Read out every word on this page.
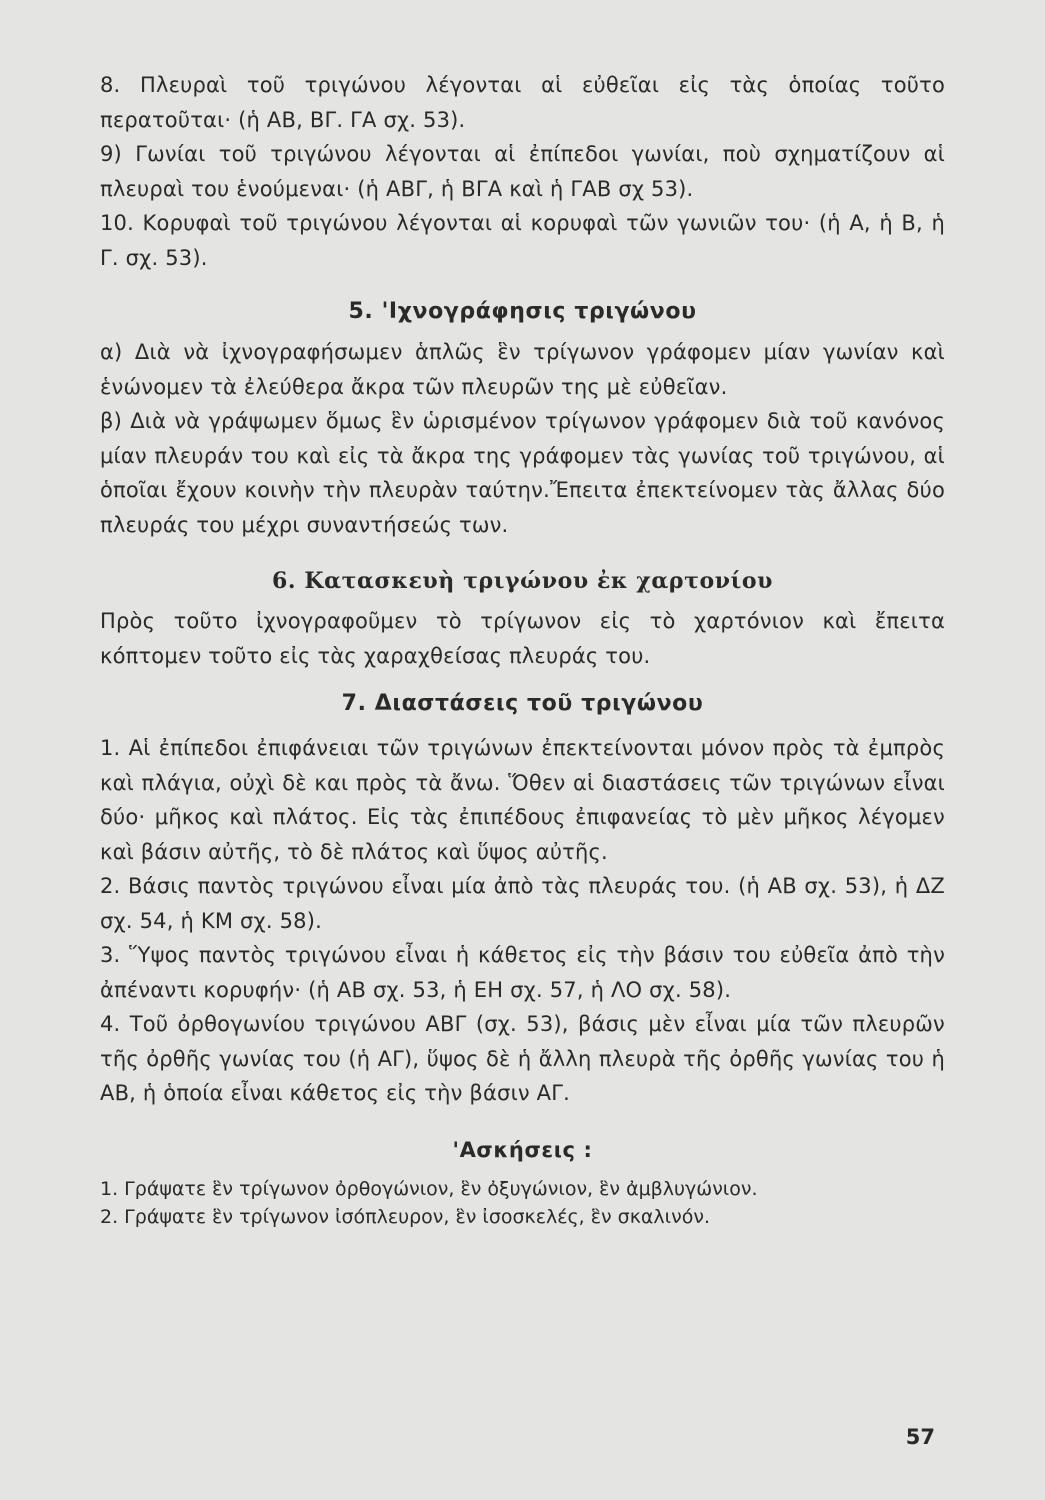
8. Πλευραὶ τοῦ τριγώνου λέγονται αἱ εὐθεῖαι εἰς τὰς ὁποίας τοῦτο περατοῦται· (ἡ ΑΒ, ΒΓ. ΓΑ σχ. 53).

9) Γωνίαι τοῦ τριγώνου λέγονται αἱ ἐπίπεδοι γωνίαι, ποὺ σχηματίζουν αἱ πλευραὶ του ἑνούμεναι· (ἡ ΑΒΓ, ἡ ΒΓΑ καὶ ἡ ΓΑΒ σχ 53).

10. Κορυφαὶ τοῦ τριγώνου λέγονται αἱ κορυφαὶ τῶν γωνιῶν του· (ἡ Α, ἡ Β, ἡ Γ. σχ. 53).

5. 'Ιχνογράφησις τριγώνου

α) Διὰ νὰ ἰχνογραφήσωμεν ἁπλῶς ἓν τρίγωνον γράφομεν μίαν γωνίαν καὶ ἑνώνομεν τὰ ἐλεύθερα ἄκρα τῶν πλευρῶν της μὲ εὐθεῖαν.

β) Διὰ νὰ γράψωμεν ὅμως ἓν ὡρισμένον τρίγωνον γράφομεν διὰ τοῦ κανόνος μίαν πλευράν του καὶ εἰς τὰ ἄκρα της γράφομεν τὰς γωνίας τοῦ τριγώνου, αἱ ὁποῖαι ἔχουν κοινὴν τὴν πλευρὰν ταύτην.Ἔπειτα ἐπεκτείνομεν τὰς ἄλλας δύο πλευράς του μέχρι συναντήσεώς των.

6. Κατασκευὴ τριγώνου ἐκ χαρτονίου

Πρὸς τοῦτο ἰχνογραφοῦμεν τὸ τρίγωνον εἰς τὸ χαρτόνιον καὶ ἔπειτα κόπτομεν τοῦτο εἰς τὰς χαραχθείσας πλευράς του.

7. Διαστάσεις τοῦ τριγώνου

1. Αἱ ἐπίπεδοι ἐπιφάνειαι τῶν τριγώνων ἐπεκτείνονται μόνον πρὸς τὰ ἐμπρὸς καὶ πλάγια, οὐχὶ δὲ και πρὸς τὰ ἄνω. Ὅθεν αἱ διαστάσεις τῶν τριγώνων εἶναι δύο· μῆκος καὶ πλάτος. Εἰς τὰς ἐπιπέδους ἐπιφανείας τὸ μὲν μῆκος λέγομεν καὶ βάσιν αὐτῆς, τὸ δὲ πλάτος καὶ ὕψος αὐτῆς.

2. Βάσις παντὸς τριγώνου εἶναι μία ἀπὸ τὰς πλευράς του. (ἡ ΑΒ σχ. 53), ἡ ΔΖ σχ. 54, ἡ ΚΜ σχ. 58).

3. Ὕψος παντὸς τριγώνου εἶναι ἡ κάθετος εἰς τὴν βάσιν του εὐθεῖα ἀπὸ τὴν ἀπέναντι κορυφήν· (ἡ ΑΒ σχ. 53, ἡ ΕΗ σχ. 57, ἡ ΛΟ σχ. 58).

4. Τοῦ ὀρθογωνίου τριγώνου ΑΒΓ (σχ. 53), βάσις μὲν εἶναι μία τῶν πλευρῶν τῆς ὀρθῆς γωνίας του (ἡ ΑΓ), ὕψος δὲ ἡ ἄλλη πλευρὰ τῆς ὀρθῆς γωνίας του ἡ ΑΒ, ἡ ὁποία εἶναι κάθετος εἰς τὴν βάσιν ΑΓ.

'Ασκήσεις :

1. Γράψατε ἓν τρίγωνον ὀρθογώνιον, ἓν ὀξυγώνιον, ἓν ἀμβλυγώνιον.

2. Γράψατε ἓν τρίγωνον ἰσόπλευρον, ἓν ἰσοσκελές, ἓν σκαλινόν.

57
